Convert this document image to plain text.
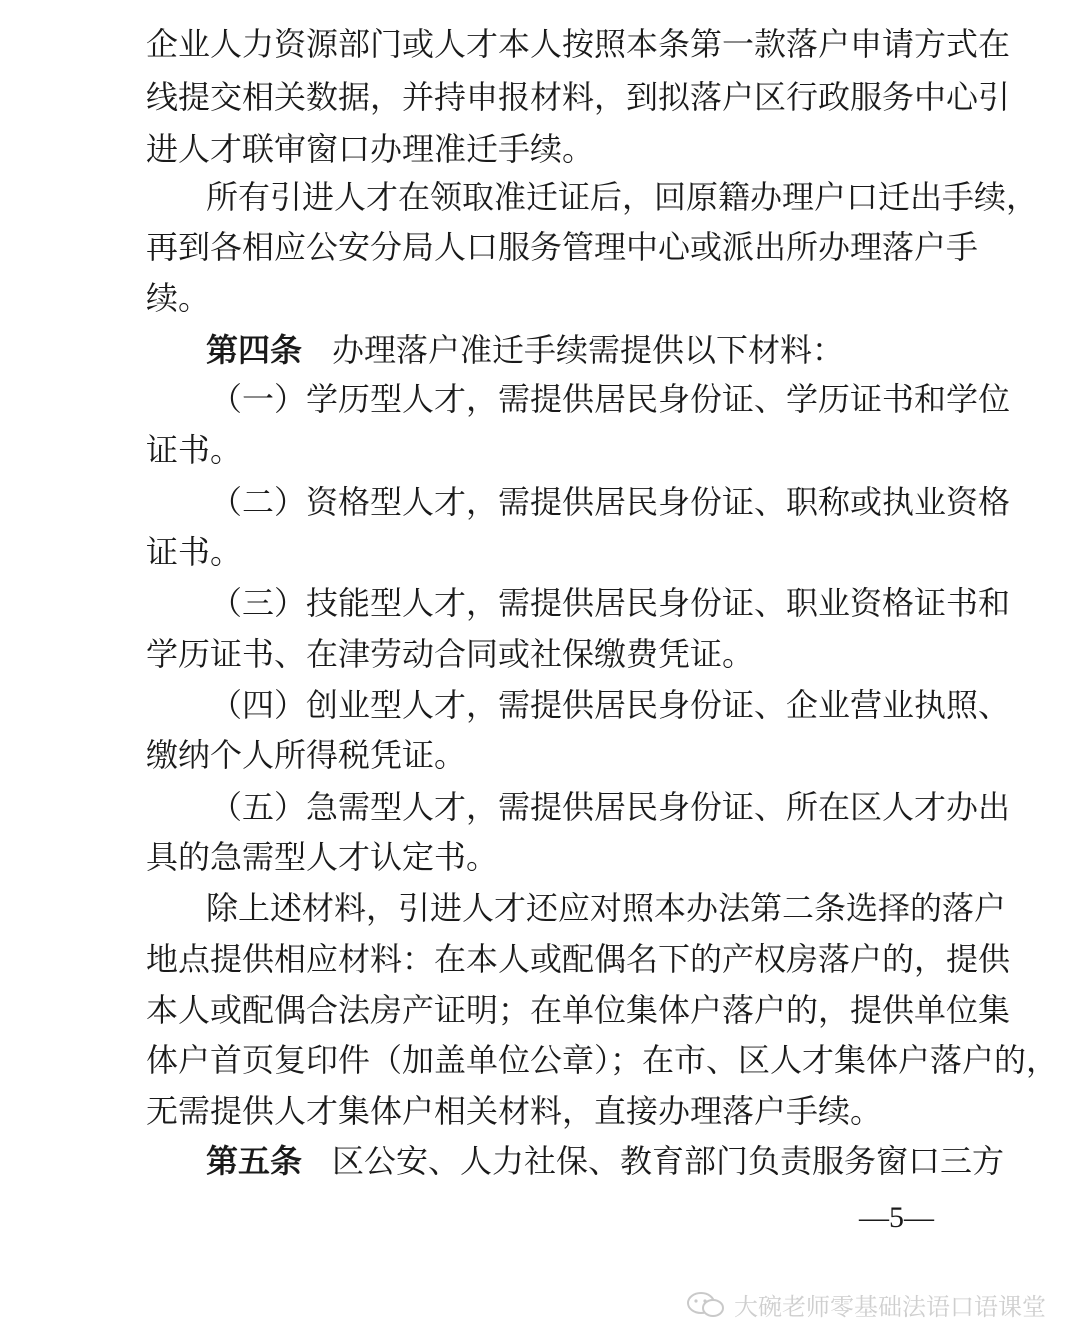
企业人力资源部门或人才本人按照本条第一款落户申请方式在
线提交相关数据，并持申报材料，到拟落户区行政服务中心引
进人才联审窗口办理准迁手续。
所有引进人才在领取准迁证后，回原籍办理户口迁出手续，
再到各相应公安分局人口服务管理中心或派出所办理落户手
续。
第四条 办理落户准迁手续需提供以下材料：
（一）学历型人才，需提供居民身份证、学历证书和学位
证书。
（二）资格型人才，需提供居民身份证、职称或执业资格
证书。
（三）技能型人才，需提供居民身份证、职业资格证书和
学历证书、在津劳动合同或社保缴费凭证。
（四）创业型人才，需提供居民身份证、企业营业执照、
缴纳个人所得税凭证。
（五）急需型人才，需提供居民身份证、所在区人才办出
具的急需型人才认定书。
除上述材料，引进人才还应对照本办法第二条选择的落户
地点提供相应材料：在本人或配偶名下的产权房落户的，提供
本人或配偶合法房产证明；在单位集体户落户的，提供单位集
体户首页复印件（加盖单位公章）；在市、区人才集体户落户的，
无需提供人才集体户相关材料，直接办理落户手续。
第五条 区公安、人力社保、教育部门负责服务窗口三方
—5—
大碗老师零基础法语口语课堂
